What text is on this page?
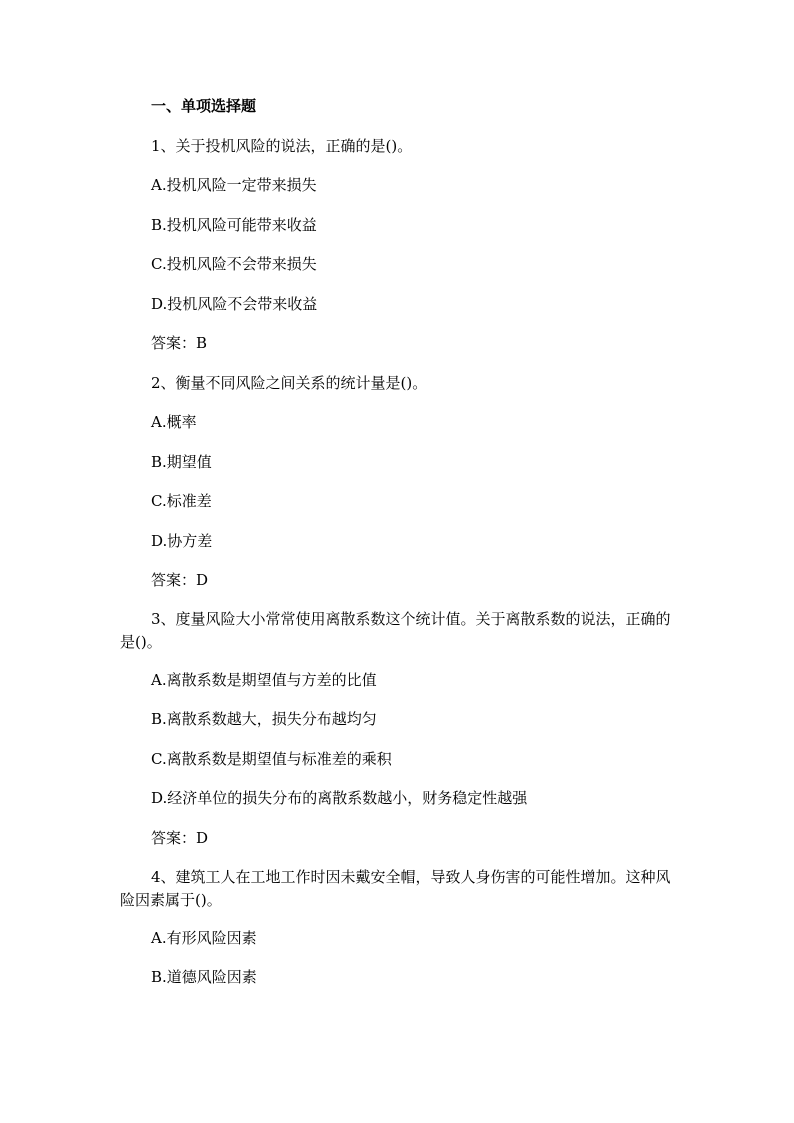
一、单项选择题
1、关于投机风险的说法，正确的是()。
A.投机风险一定带来损失
B.投机风险可能带来收益
C.投机风险不会带来损失
D.投机风险不会带来收益
答案：B
2、衡量不同风险之间关系的统计量是()。
A.概率
B.期望值
C.标准差
D.协方差
答案：D
3、度量风险大小常常使用离散系数这个统计值。关于离散系数的说法，正确的是()。
A.离散系数是期望值与方差的比值
B.离散系数越大，损失分布越均匀
C.离散系数是期望值与标准差的乘积
D.经济单位的损失分布的离散系数越小，财务稳定性越强
答案：D
4、建筑工人在工地工作时因未戴安全帽，导致人身伤害的可能性增加。这种风险因素属于()。
A.有形风险因素
B.道德风险因素
